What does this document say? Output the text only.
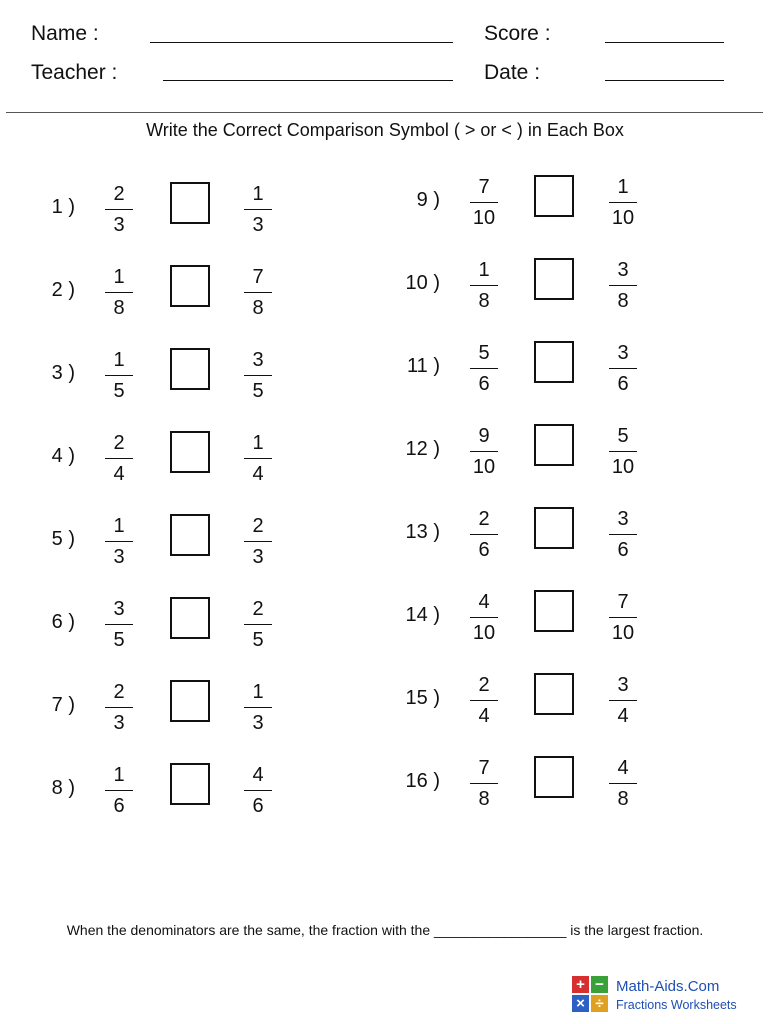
Name :	Score :
Teacher :	Date :
Write the Correct Comparison Symbol ( > or < ) in Each Box
1 )
2
3
1
3
2 )
1
8
7
8
3 )
1
5
3
5
4 )
2
4
1
4
5 )
1
3
2
3
6 )
3
5
2
5
7 )
2
3
1
3
8 )
1
6
4
6
9 )
7
10
1
10
10 )
1
8
3
8
11 )
5
6
3
6
12 )
9
10
5
10
13 )
2
6
3
6
14 )
4
10
7
10
15 )
2
4
3
4
16 )
7
8
4
8
When the denominators are the same, the fraction with the _________________ is the largest fraction.
+ −
× ÷
Math-Aids.Com
Fractions Worksheets
